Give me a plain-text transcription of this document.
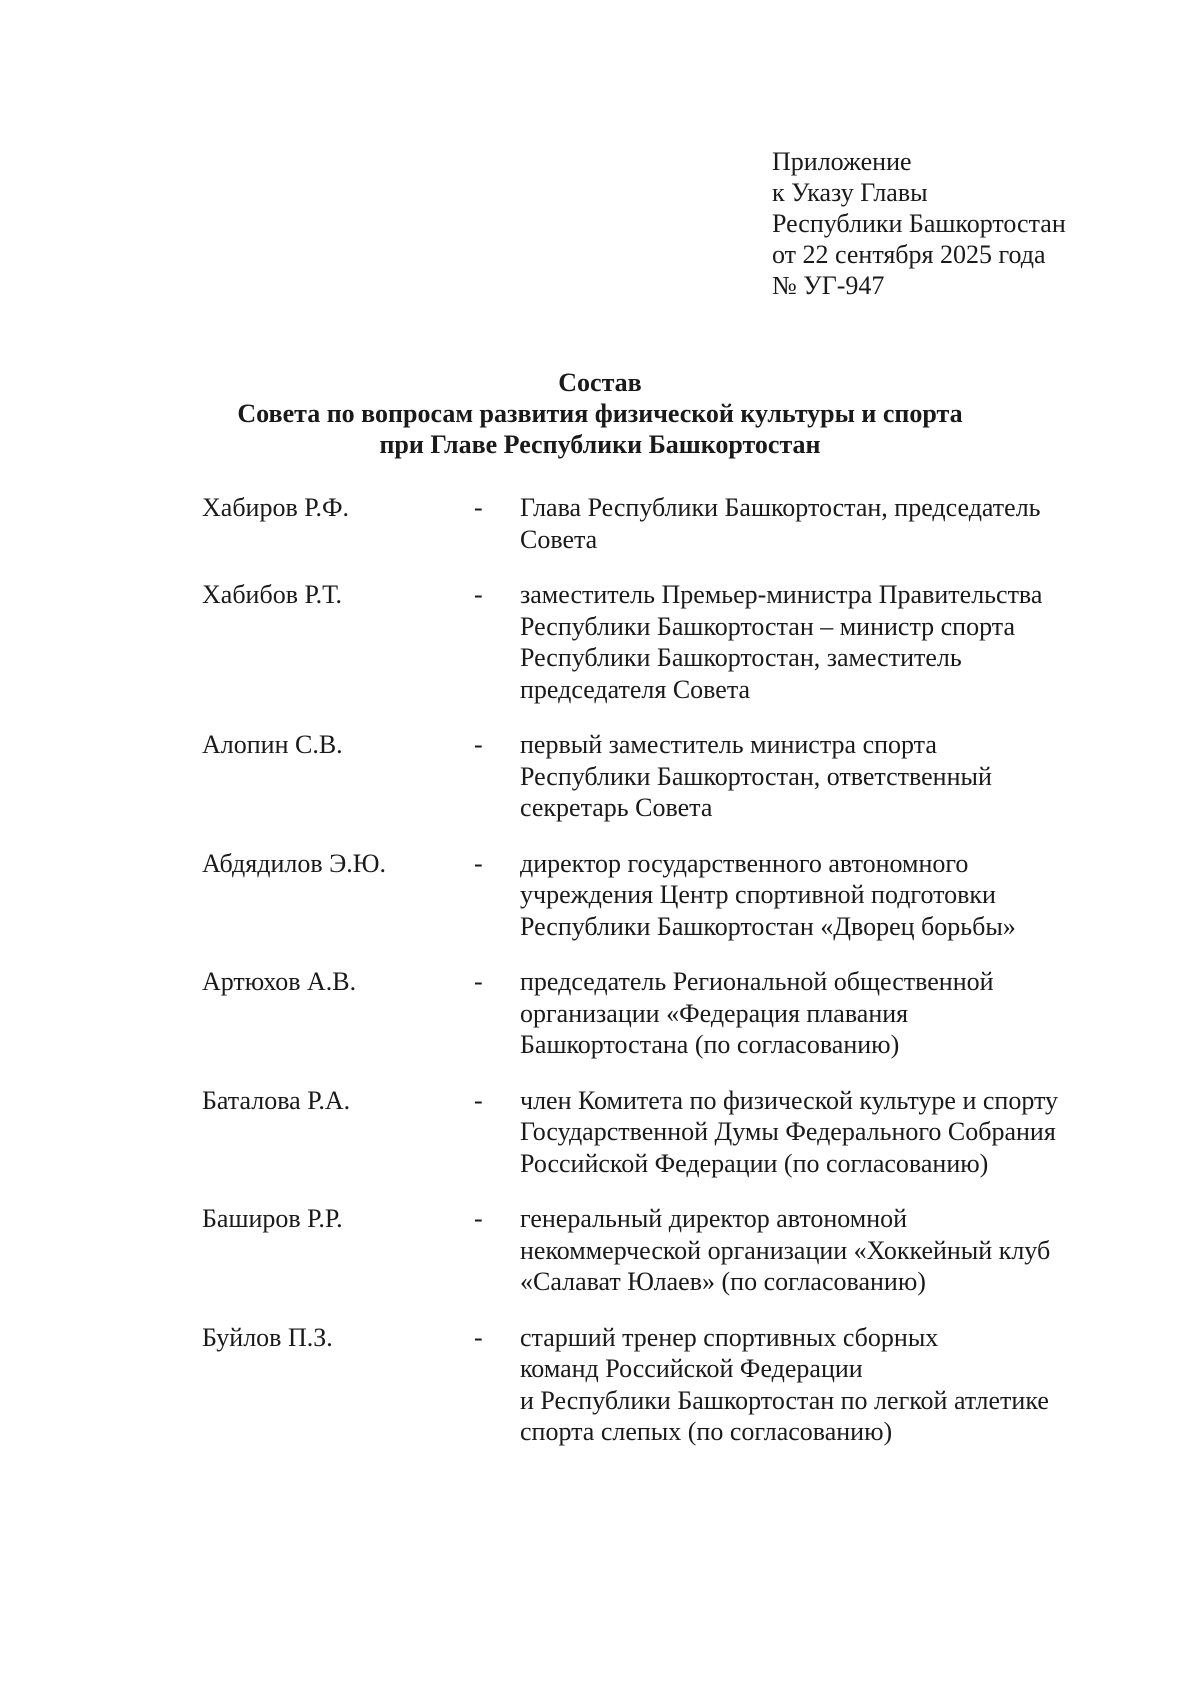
Приложение
к Указу Главы
Республики Башкортостан
от 22 сентября 2025 года
№ УГ-947
Состав
Совета по вопросам развития физической культуры и спорта
при Главе Республики Башкортостан
Хабиров Р.Ф.	- Глава Республики Башкортостан, председатель
Совета
Хабибов Р.Т.	- заместитель Премьер-министра Правительства
Республики Башкортостан – министр спорта
Республики Башкортостан, заместитель
председателя Совета
Алопин С.В.	- первый заместитель министра спорта
Республики Башкортостан, ответственный
секретарь Совета
Абдядилов Э.Ю.	- директор государственного автономного
учреждения Центр спортивной подготовки
Республики Башкортостан «Дворец борьбы»
Артюхов А.В.	- председатель Региональной общественной
организации «Федерация плавания
Башкортостана (по согласованию)
Баталова Р.А.	- член Комитета по физической культуре и спорту
Государственной Думы Федерального Собрания
Российской Федерации (по согласованию)
Баширов Р.Р.	- генеральный директор автономной
некоммерческой организации «Хоккейный клуб
«Салават Юлаев» (по согласованию)
Буйлов П.З.	- старший тренер спортивных сборных
команд Российской Федерации
и Республики Башкортостан по легкой атлетике
спорта слепых (по согласованию)
